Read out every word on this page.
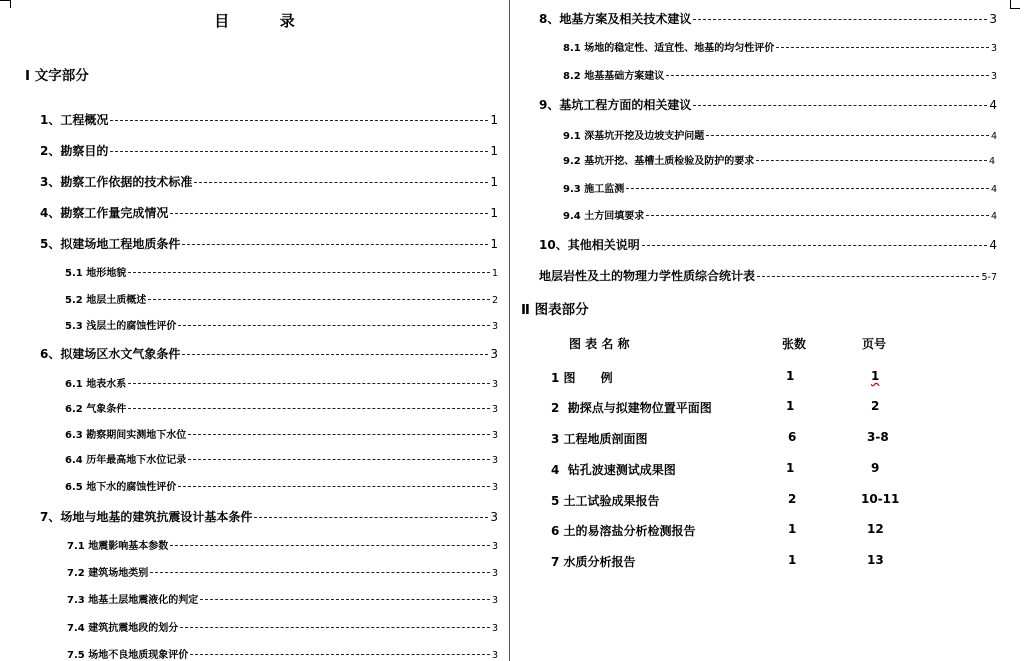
目	录
Ⅰ 文字部分
1、工程概况	1
2、勘察目的	1
3、勘察工作依据的技术标准	1
4、勘察工作量完成情况	1
5、拟建场地工程地质条件	1
5.1 地形地貌	1
5.2 地层土质概述	2
5.3 浅层土的腐蚀性评价	3
6、拟建场区水文气象条件	3
6.1 地表水系	3
6.2 气象条件	3
6.3 勘察期间实测地下水位	3
6.4 历年最高地下水位记录	3
6.5 地下水的腐蚀性评价	3
7、场地与地基的建筑抗震设计基本条件	3
7.1 地震影响基本参数	3
7.2 建筑场地类别	3
7.3 地基土层地震液化的判定	3
7.4 建筑抗震地段的划分	3
7.5 场地不良地质现象评价	3
8、地基方案及相关技术建议	3
8.1 场地的稳定性、适宜性、地基的均匀性评价	3
8.2 地基基础方案建议	3
9、基坑工程方面的相关建议	4
9.1 深基坑开挖及边坡支护问题	4
9.2 基坑开挖、基槽土质检验及防护的要求	4
9.3 施工监测	4
9.4 土方回填要求	4
10、其他相关说明	4
地层岩性及土的物理力学性质综合统计表	5-7
Ⅱ 图表部分
图 表 名 称	张数	页号
1 图      例	1	1
2  勘探点与拟建物位置平面图	1	2
3 工程地质剖面图	6	3-8
4  钻孔波速测试成果图	1	9
5 土工试验成果报告	2	10-11
6 土的易溶盐分析检测报告	1	12
7 水质分析报告	1	13
